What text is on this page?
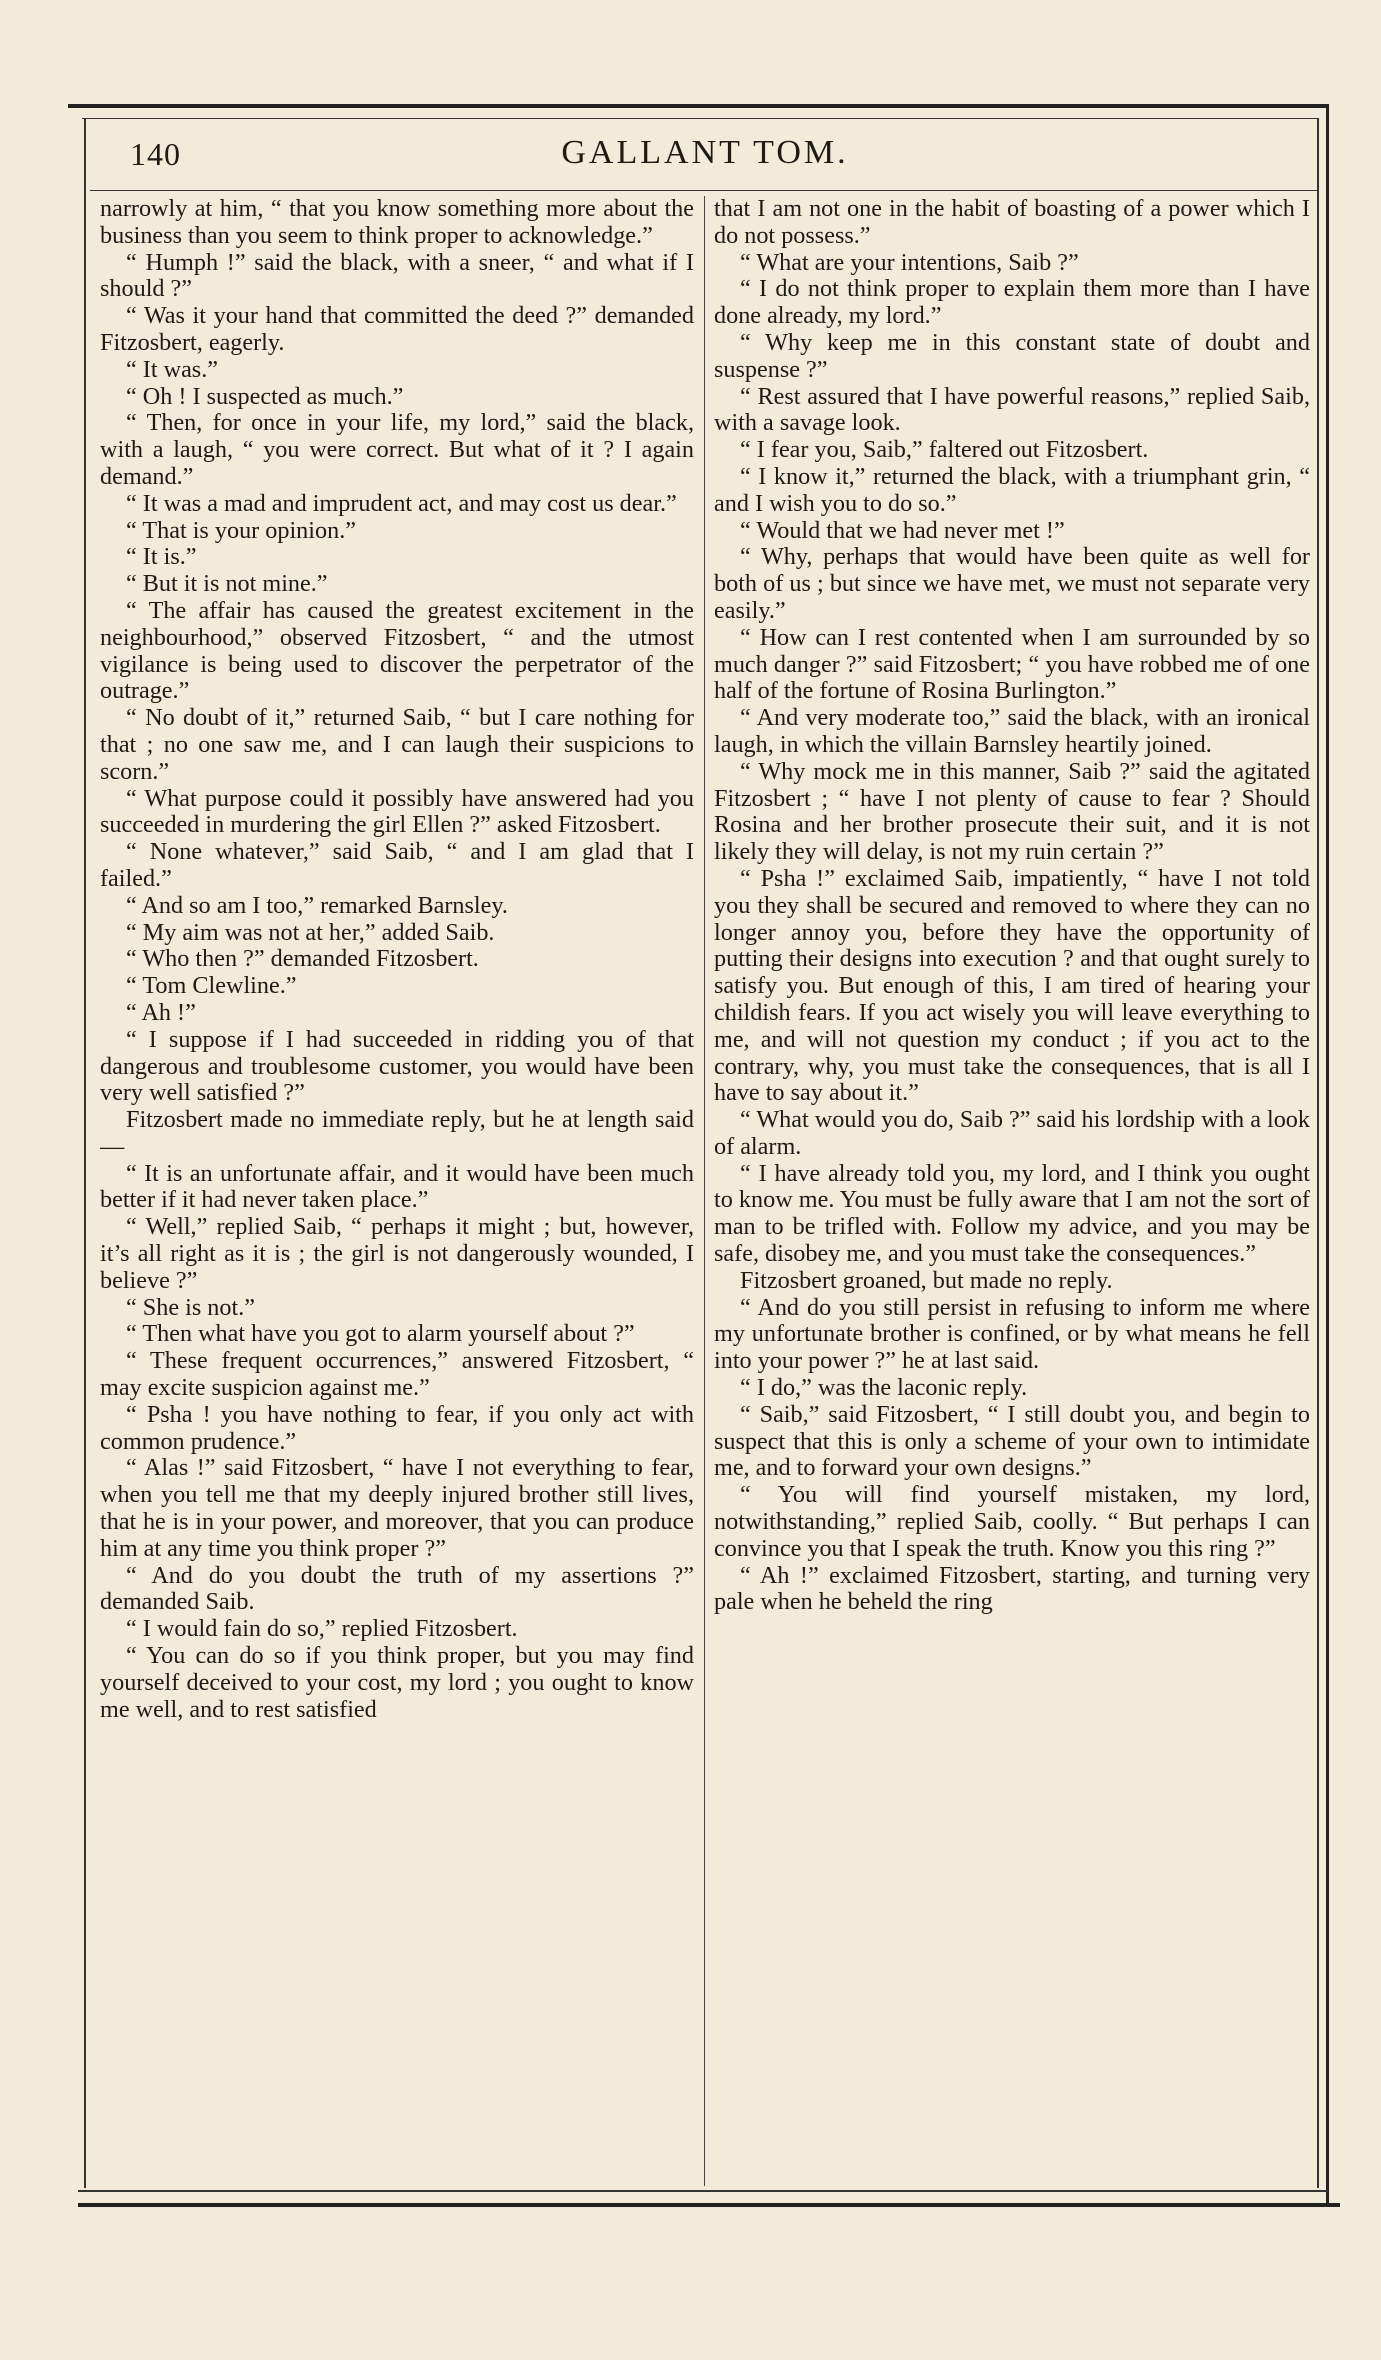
140	GALLANT TOM.

narrowly at him, “ that you know something more about the business than you seem to think proper to acknowledge.”

“ Humph !” said the black, with a sneer, “ and what if I should ?”

“ Was it your hand that committed the deed ?” demanded Fitzosbert, eagerly.

“ It was.”

“ Oh ! I suspected as much.”

“ Then, for once in your life, my lord,” said the black, with a laugh, “ you were correct. But what of it ? I again demand.”

“ It was a mad and imprudent act, and may cost us dear.”

“ That is your opinion.”

“ It is.”

“ But it is not mine.”

“ The affair has caused the greatest excitement in the neighbourhood,” observed Fitzosbert, “ and the utmost vigilance is being used to discover the perpetrator of the outrage.”

“ No doubt of it,” returned Saib, “ but I care nothing for that ; no one saw me, and I can laugh their suspicions to scorn.”

“ What purpose could it possibly have answered had you succeeded in murdering the girl Ellen ?” asked Fitzosbert.

“ None whatever,” said Saib, “ and I am glad that I failed.”

“ And so am I too,” remarked Barnsley.

“ My aim was not at her,” added Saib.

“ Who then ?” demanded Fitzosbert.

“ Tom Clewline.”

“ Ah !”

“ I suppose if I had succeeded in ridding you of that dangerous and troublesome customer, you would have been very well satisfied ?”

Fitzosbert made no immediate reply, but he at length said—

“ It is an unfortunate affair, and it would have been much better if it had never taken place.”

“ Well,” replied Saib, “ perhaps it might ; but, however, it’s all right as it is ; the girl is not dangerously wounded, I believe ?”

“ She is not.”

“ Then what have you got to alarm yourself about ?”

“ These frequent occurrences,” answered Fitzosbert, “ may excite suspicion against me.”

“ Psha ! you have nothing to fear, if you only act with common prudence.”

“ Alas !” said Fitzosbert, “ have I not everything to fear, when you tell me that my deeply injured brother still lives, that he is in your power, and moreover, that you can produce him at any time you think proper ?”

“ And do you doubt the truth of my assertions ?” demanded Saib.

“ I would fain do so,” replied Fitzosbert.

“ You can do so if you think proper, but you may find yourself deceived to your cost, my lord ; you ought to know me well, and to rest satisfied

that I am not one in the habit of boasting of a power which I do not possess.”

“ What are your intentions, Saib ?”

“ I do not think proper to explain them more than I have done already, my lord.”

“ Why keep me in this constant state of doubt and suspense ?”

“ Rest assured that I have powerful reasons,” replied Saib, with a savage look.

“ I fear you, Saib,” faltered out Fitzosbert.

“ I know it,” returned the black, with a triumphant grin, “ and I wish you to do so.”

“ Would that we had never met !”

“ Why, perhaps that would have been quite as well for both of us ; but since we have met, we must not separate very easily.”

“ How can I rest contented when I am surrounded by so much danger ?” said Fitzosbert; “ you have robbed me of one half of the fortune of Rosina Burlington.”

“ And very moderate too,” said the black, with an ironical laugh, in which the villain Barnsley heartily joined.

“ Why mock me in this manner, Saib ?” said the agitated Fitzosbert ; “ have I not plenty of cause to fear ? Should Rosina and her brother prosecute their suit, and it is not likely they will delay, is not my ruin certain ?”

“ Psha !” exclaimed Saib, impatiently, “ have I not told you they shall be secured and removed to where they can no longer annoy you, before they have the opportunity of putting their designs into execution ? and that ought surely to satisfy you. But enough of this, I am tired of hearing your childish fears. If you act wisely you will leave everything to me, and will not question my conduct ; if you act to the contrary, why, you must take the consequences, that is all I have to say about it.”

“ What would you do, Saib ?” said his lordship with a look of alarm.

“ I have already told you, my lord, and I think you ought to know me. You must be fully aware that I am not the sort of man to be trifled with. Follow my advice, and you may be safe, disobey me, and you must take the consequences.”

Fitzosbert groaned, but made no reply.

“ And do you still persist in refusing to inform me where my unfortunate brother is confined, or by what means he fell into your power ?” he at last said.

“ I do,” was the laconic reply.

“ Saib,” said Fitzosbert, “ I still doubt you, and begin to suspect that this is only a scheme of your own to intimidate me, and to forward your own designs.”

“ You will find yourself mistaken, my lord, notwithstanding,” replied Saib, coolly. “ But perhaps I can convince you that I speak the truth. Know you this ring ?”

“ Ah !” exclaimed Fitzosbert, starting, and turning very pale when he beheld the ring
